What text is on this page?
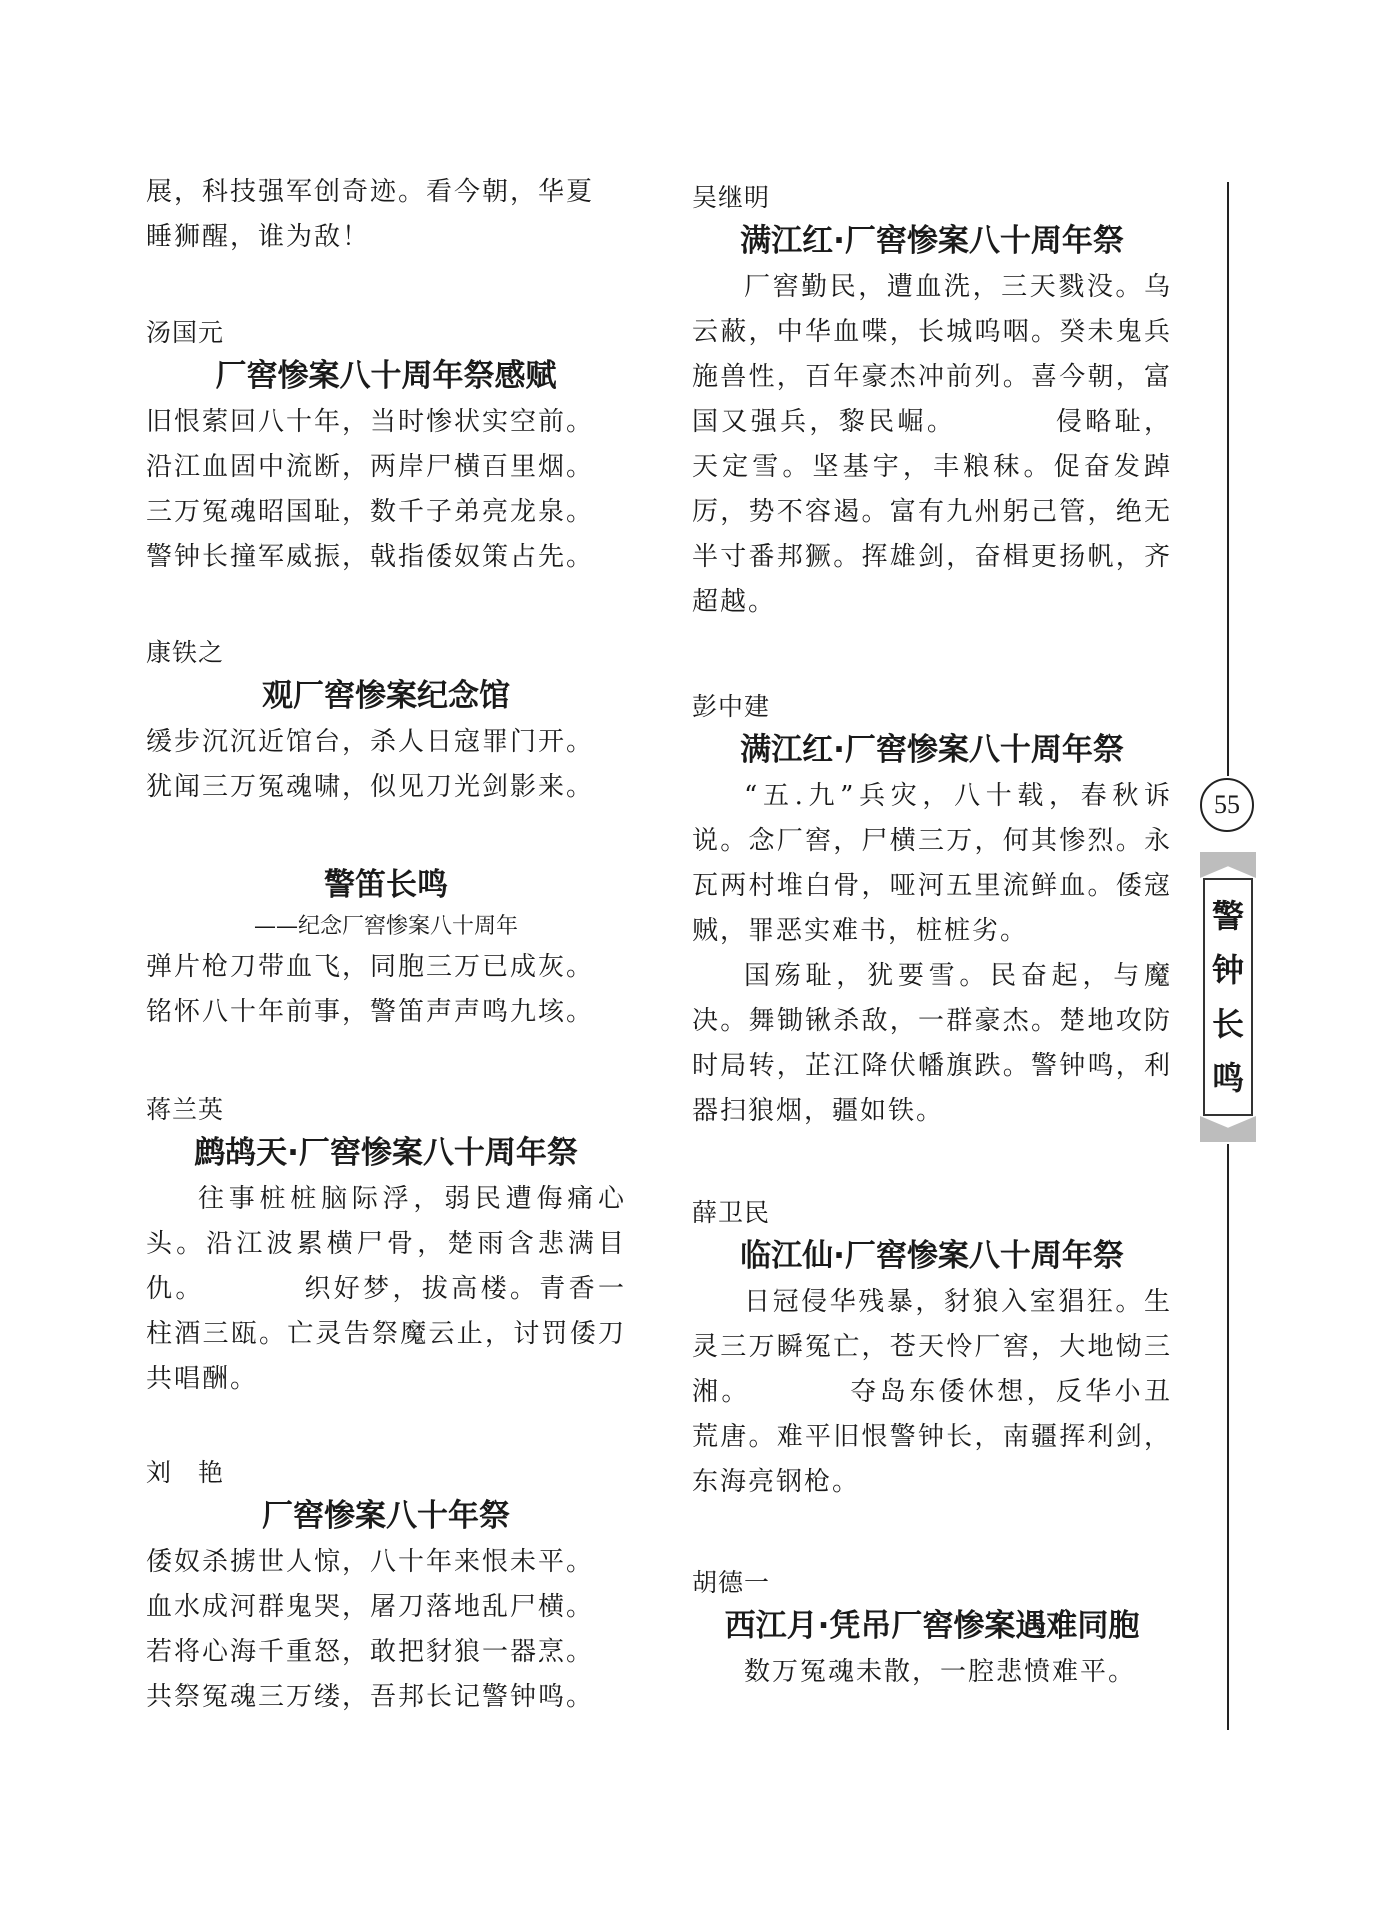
展，科技强军创奇迹。看今朝，华夏

睡狮醒，谁为敌！

汤国元
厂窖惨案八十周年祭感赋

旧恨萦回八十年，当时惨状实空前。

沿江血固中流断，两岸尸横百里烟。

三万冤魂昭国耻，数千子弟亮龙泉。

警钟长撞军威振，戟指倭奴策占先。

康铁之
观厂窖惨案纪念馆

缓步沉沉近馆台，杀人日寇罪门开。

犹闻三万冤魂啸，似见刀光剑影来。

警笛长鸣

——纪念厂窖惨案八十周年

弹片枪刀带血飞，同胞三万已成灰。

铭怀八十年前事，警笛声声鸣九垓。

蒋兰英
鹧鸪天·厂窖惨案八十周年祭

往事桩桩脑际浮，弱民遭侮痛心头。沿江波累横尸骨，楚雨含悲满目仇。 　　　织好梦，拔高楼。青香一柱酒三瓯。亡灵告祭魔云止，讨罚倭刀共唱酬。

刘　艳
厂窖惨案八十年祭

倭奴杀掳世人惊，八十年来恨未平。

血水成河群鬼哭，屠刀落地乱尸横。

若将心海千重怒，敢把豺狼一器烹。

共祭冤魂三万缕，吾邦长记警钟鸣。

吴继明
满江红·厂窖惨案八十周年祭

厂窖勤民，遭血洗，三天戮没。乌云蔽，中华血喋，长城呜咽。癸未鬼兵施兽性，百年豪杰冲前列。喜今朝，富国又强兵，黎民崛。 　　　侵略耻，天定雪。坚基宇，丰粮秣。促奋发踔厉，势不容遏。富有九州躬己管，绝无半寸番邦獗。挥雄剑，奋楫更扬帆，齐超越。

彭中建
满江红·厂窖惨案八十周年祭

“五.九”兵灾，八十载，春秋诉说。念厂窖，尸横三万，何其惨烈。永瓦两村堆白骨，哑河五里流鲜血。倭寇贼，罪恶实难书，桩桩劣。

国殇耻，犹要雪。民奋起，与魔决。舞锄锹杀敌，一群豪杰。楚地攻防时局转，芷江降伏幡旗跌。警钟鸣，利器扫狼烟，疆如铁。

薛卫民
临江仙·厂窖惨案八十周年祭

日冠侵华残暴，豺狼入室猖狂。生灵三万瞬冤亡，苍天怜厂窖，大地恸三湘。 　　　夺岛东倭休想，反华小丑荒唐。难平旧恨警钟长，南疆挥利剑，东海亮钢枪。

胡德一
西江月·凭吊厂窖惨案遇难同胞

数万冤魂未散，一腔悲愤难平。

55
警
钟
长
鸣
